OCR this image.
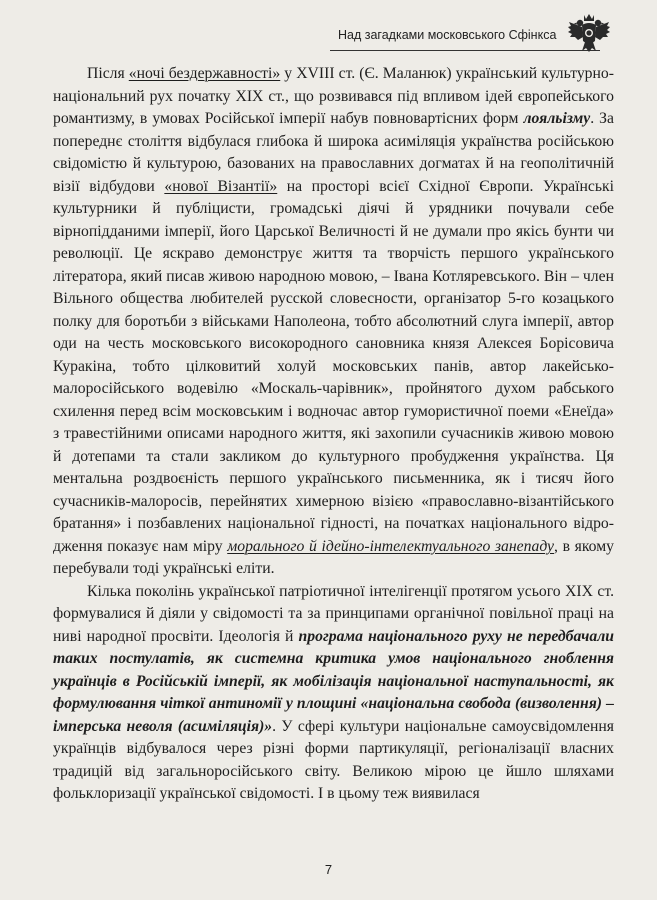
Над загадками московського Сфінкса

Після «ночі бездержавності» у XVIII ст. (Є. Маланюк) український культурно-національний рух початку XIX ст., що розвивався під впливом ідей європейського романтизму, в умовах Російської імперії набув повновартісних форм лояльізму. За попереднє століття відбулася глибока й широка асиміляція українства російською свідомістю й культурою, базованих на православних догматах й на геополітичній візії відбудови «нової Візантії» на просторі всієї Східної Європи. Українські культурники й публіцисти, громадські діячі й урядники почували себе вірнопідданими імперії, його Царської Величності й не думали про якісь бунти чи революції. Це яскраво демонструє життя та творчість першого українського літератора, який писав живою народною мовою, – Івана Котляревського. Він – член Вільного общества любителей русской словесности, організатор 5-го козацького полку для боротьби з військами Наполеона, тобто абсолютний слуга імперії, автор оди на честь московського високородного сановника князя Алексея Борісовича Куракіна, тобто цілковитий холуй московських панів, автор лакейсько-малоросійського водевілю «Москаль-чарівник», пройнятого духом рабського схилення перед всім московським і водночас автор гумористичної поеми «Енеїда» з травестійними описами народного життя, які захопили сучасників живою мовою й дотепами та стали закликом до культурного пробудження українства. Ця ментальна роздвоєність першого українського письменника, як і тисяч його сучасників-малоросів, перейнятих химерною візією «православно-візантійського братання» і позбавлених національної гідності, на початках національного відродження показує нам міру морального й ідейно-інтелектуального занепаду, в якому перебували тоді українські еліти.

Кілька поколінь української патріотичної інтелігенції протягом усього XIX ст. формувалися й діяли у свідомості та за принципами органічної повільної праці на ниві народної просвіти. Ідеологія й програма національного руху не передбачали таких постулатів, як системна критика умов національного гноблення українців в Російській імперії, як мобілізація національної наступальності, як формулювання чіткої антиномії у площині «національна свобода (визволення) – імперська неволя (асиміляція)». У сфері культури національне самоусвідомлення українців відбувалося через різні форми партикуляції, регіоналізації власних традицій від загальноросійського світу. Великою мірою це йшло шляхами фольклоризації української свідомості. І в цьому теж виявилася

7
